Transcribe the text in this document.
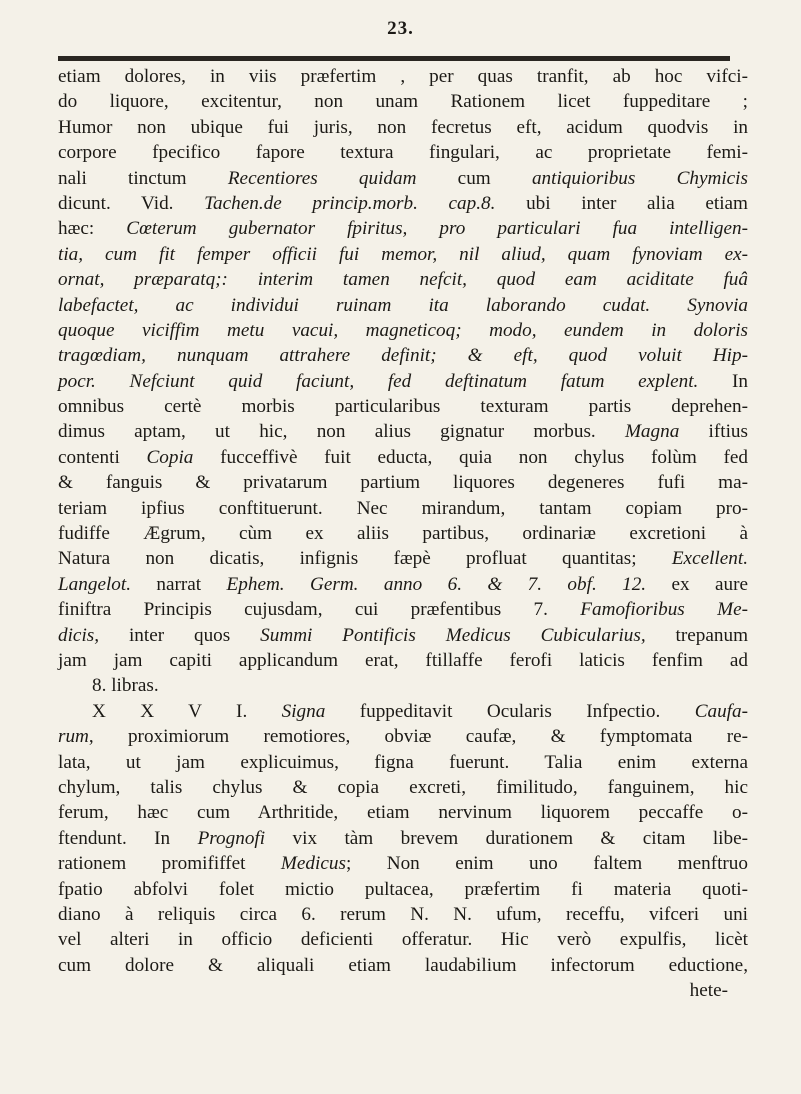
23.
etiam dolores, in viis præfertim , per quas tranfit, ab hoc vifci-
do liquore, excitentur, non unam Rationem licet fuppeditare ;
Humor non ubique fui juris, non fecretus eft, acidum quodvis in
corpore fpecifico fapore textura fingulari, ac proprietate femi-
nali tinctum Recentiores quidam cum antiquioribus Chymicis
dicunt. Vid. Tachen.de princip.morb. cap.8. ubi inter alia etiam
hæc: Cœterum gubernator fpiritus, pro particulari fua intelligen-
tia, cum fit femper officii fui memor, nil aliud, quam fynoviam ex-
ornat, præparatq;: interim tamen nefcit, quod eam aciditate fuâ
labefactet, ac individui ruinam ita laborando cudat. Synovia
quoque viciffim metu vacui, magneticoq; modo, eundem in doloris
tragœdiam, nunquam attrahere definit; & eft, quod voluit Hip-
pocr. Nefciunt quid faciunt, fed deftinatum fatum explent. In
omnibus certè morbis particularibus texturam partis deprehen-
dimus aptam, ut hic, non alius gignatur morbus. Magna iftius
contenti Copia fucceffivè fuit educta, quia non chylus folùm fed
& fanguis & privatarum partium liquores degeneres fufi ma-
teriam ipfius conftituerunt. Nec mirandum, tantam copiam pro-
fudiffe Ægrum, cùm ex aliis partibus, ordinariæ excretioni à
Natura non dicatis, infignis fæpè profluat quantitas; Excellent.
Langelot. narrat Ephem. Germ. anno 6. & 7. obf. 12. ex aure
finiftra Principis cujusdam, cui præfentibus 7. Famofioribus Me-
dicis, inter quos Summi Pontificis Medicus Cubicularius, trepanum
jam jam capiti applicandum erat, ftillaffe ferofi laticis fenfim ad
8. libras.
X X V I. Signa fuppeditavit Ocularis Infpectio. Caufa-
rum, proximiorum remotiores, obviæ caufæ, & fymptomata re-
lata, ut jam explicuimus, figna fuerunt. Talia enim externa
chylum, talis chylus & copia excreti, fimilitudo, fanguinem, hic
ferum, hæc cum Arthritide, etiam nervinum liquorem peccaffe o-
ftendunt. In Prognofi vix tàm brevem durationem & citam libe-
rationem promififfet Medicus; Non enim uno faltem menftruo
fpatio abfolvi folet mictio pultacea, præfertim fi materia quoti-
diano à reliquis circa 6. rerum N. N. ufum, receffu, vifceri uni
vel alteri in officio deficienti offeratur. Hic verò expulfis, licèt
cum dolore & aliquali etiam laudabilium infectorum eductione,
hete-
